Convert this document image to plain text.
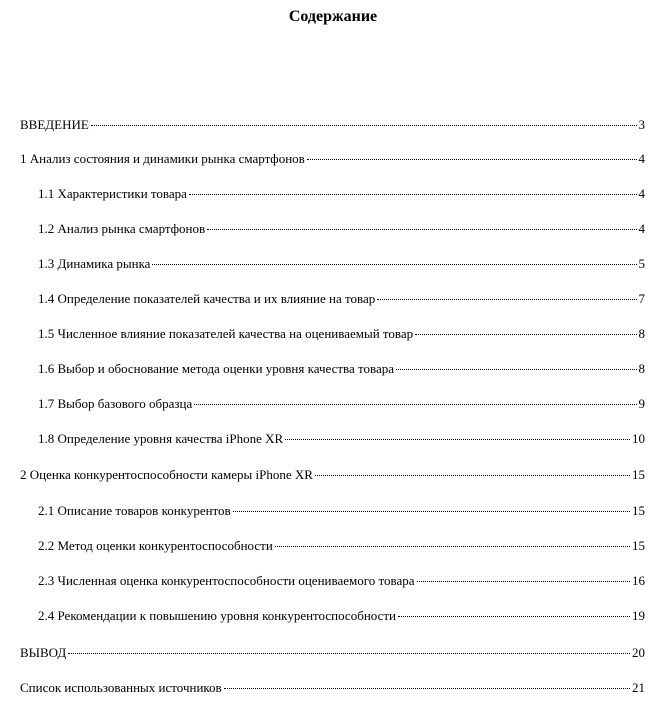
Содержание
ВВЕДЕНИЕ	3
1 Анализ состояния и динамики рынка смартфонов	4
1.1 Характеристики товара	4
1.2 Анализ рынка смартфонов	4
1.3 Динамика рынка	5
1.4 Определение показателей качества и их влияние на товар	7
1.5 Численное влияние показателей качества на оцениваемый товар	8
1.6 Выбор и обоснование метода оценки уровня качества товара	8
1.7 Выбор базового образца	9
1.8 Определение уровня качества iPhone XR	10
2 Оценка конкурентоспособности камеры iPhone XR	15
2.1 Описание товаров конкурентов	15
2.2 Метод оценки конкурентоспособности	15
2.3 Численная оценка конкурентоспособности оцениваемого товара	16
2.4 Рекомендации к повышению уровня конкурентоспособности	19
ВЫВОД	20
Список использованных источников	21
